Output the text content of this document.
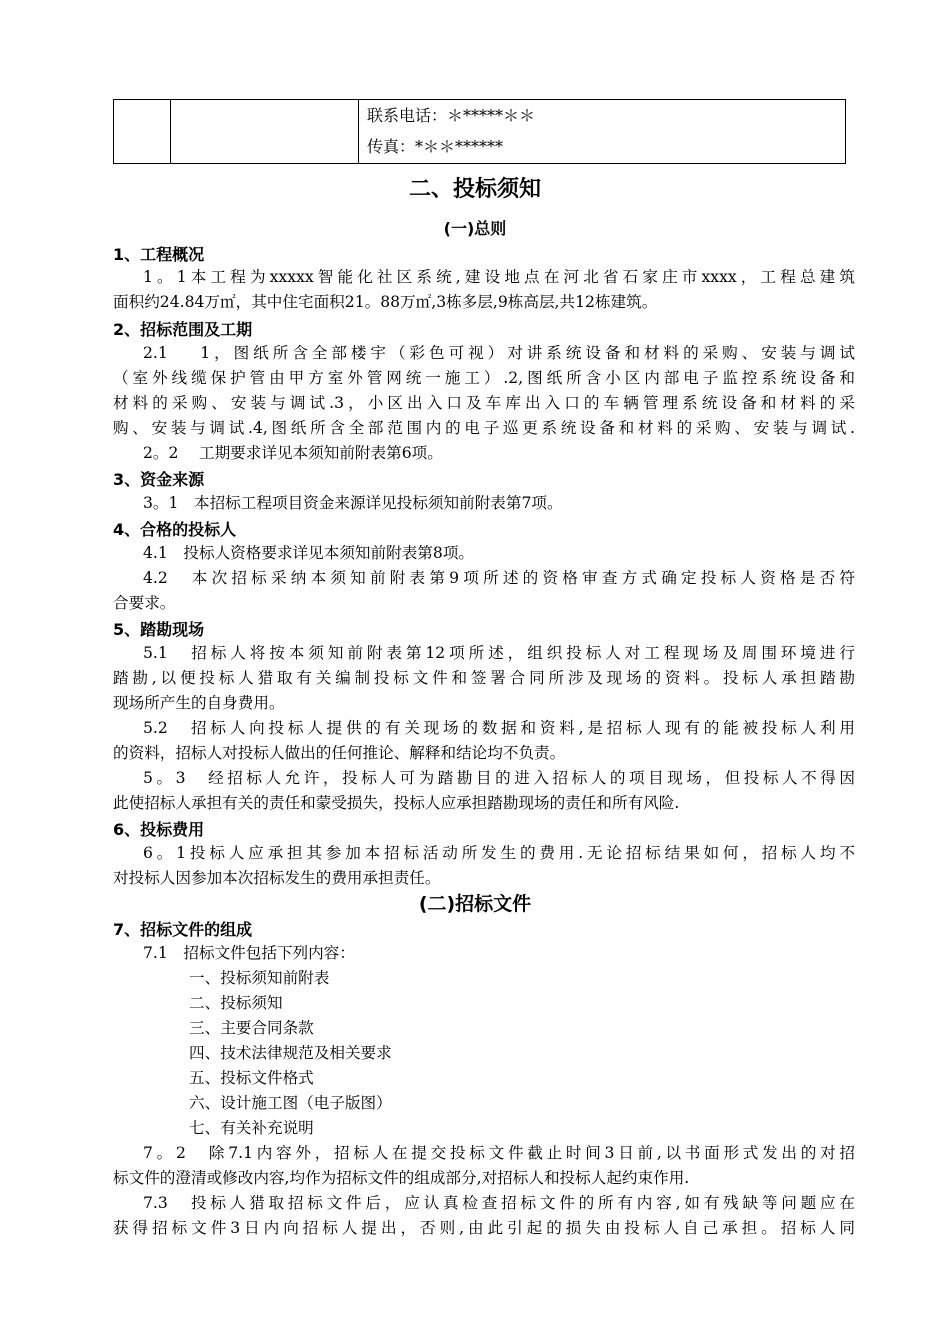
联系电话：＊*****＊＊
传真：*＊＊******
二、投标须知
(一)总则
1、工程概况
1。1本工程为xxxxx智能化社区系统,建设地点在河北省石家庄市xxxx，工程总建筑
面积约24.84万㎡，其中住宅面积21。88万㎡,3栋多层,9栋高层,共12栋建筑。
2、招标范围及工期
2.1　 1，图纸所含全部楼宇（彩色可视）对讲系统设备和材料的采购、安装与调试
（室外线缆保护管由甲方室外管网统一施工）.2,图纸所含小区内部电子监控系统设备和
材料的采购、安装与调试.3，小区出入口及车库出入口的车辆管理系统设备和材料的采
购、安装与调试.4,图纸所含全部范围内的电子巡更系统设备和材料的采购、安装与调试.
2。2　 工期要求详见本须知前附表第6项。
3、资金来源
3。1　本招标工程项目资金来源详见投标须知前附表第7项。
4、合格的投标人
4.1　投标人资格要求详见本须知前附表第8项。
4.2　本次招标采纳本须知前附表第9项所述的资格审查方式确定投标人资格是否符
合要求。
5、踏勘现场
5.1　招标人将按本须知前附表第12项所述，组织投标人对工程现场及周围环境进行
踏勘,以便投标人猎取有关编制投标文件和签署合同所涉及现场的资料。投标人承担踏勘
现场所产生的自身费用。
5.2　招标人向投标人提供的有关现场的数据和资料,是招标人现有的能被投标人利用
的资料，招标人对投标人做出的任何推论、解释和结论均不负责。
5。3　经招标人允许，投标人可为踏勘目的进入招标人的项目现场，但投标人不得因
此使招标人承担有关的责任和蒙受损失，投标人应承担踏勘现场的责任和所有风险.
6、投标费用
6。1投标人应承担其参加本招标活动所发生的费用.无论招标结果如何，招标人均不
对投标人因参加本次招标发生的费用承担责任。
(二)招标文件
7、招标文件的组成
7.1　招标文件包括下列内容：
一、投标须知前附表
二、投标须知
三、主要合同条款
四、技术法律规范及相关要求
五、投标文件格式
六、设计施工图（电子版图）
七、有关补充说明
7。2　除7.1内容外，招标人在提交投标文件截止时间3日前,以书面形式发出的对招
标文件的澄清或修改内容,均作为招标文件的组成部分,对招标人和投标人起约束作用.
7.3　投标人猎取招标文件后，应认真检查招标文件的所有内容,如有残缺等问题应在
获得招标文件3日内向招标人提出，否则,由此引起的损失由投标人自己承担。招标人同
